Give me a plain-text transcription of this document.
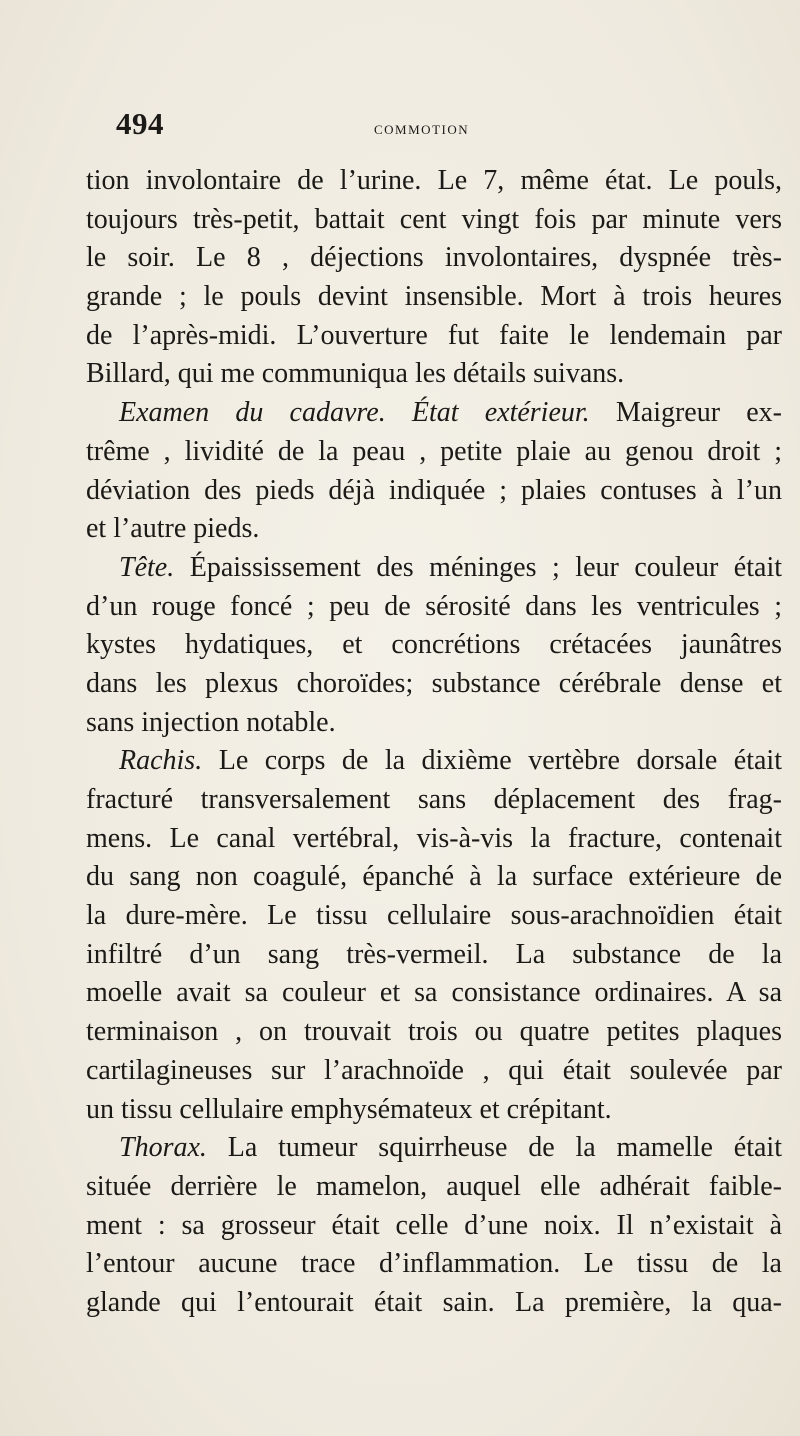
494	commotion
tion involontaire de l’urine. Le 7, même état. Le pouls,
toujours très-petit, battait cent vingt fois par minute vers
le soir. Le 8 , déjections involontaires, dyspnée très-
grande ; le pouls devint insensible. Mort à trois heures
de l’après-midi. L’ouverture fut faite le lendemain par
Billard, qui me communiqua les détails suivans.
Examen du cadavre. État extérieur. Maigreur ex-
trême , lividité de la peau , petite plaie au genou droit ;
déviation des pieds déjà indiquée ; plaies contuses à l’un
et l’autre pieds.
Tête. Épaississement des méninges ; leur couleur était
d’un rouge foncé ; peu de sérosité dans les ventricules ;
kystes hydatiques, et concrétions crétacées jaunâtres
dans les plexus choroïdes; substance cérébrale dense et
sans injection notable.
Rachis. Le corps de la dixième vertèbre dorsale était
fracturé transversalement sans déplacement des frag-
mens. Le canal vertébral, vis-à-vis la fracture, contenait
du sang non coagulé, épanché à la surface extérieure de
la dure-mère. Le tissu cellulaire sous-arachnoïdien était
infiltré d’un sang très-vermeil. La substance de la
moelle avait sa couleur et sa consistance ordinaires. A sa
terminaison , on trouvait trois ou quatre petites plaques
cartilagineuses sur l’arachnoïde , qui était soulevée par
un tissu cellulaire emphysémateux et crépitant.
Thorax. La tumeur squirrheuse de la mamelle était
située derrière le mamelon, auquel elle adhérait faible-
ment : sa grosseur était celle d’une noix. Il n’existait à
l’entour aucune trace d’inflammation. Le tissu de la
glande qui l’entourait était sain. La première, la qua-
